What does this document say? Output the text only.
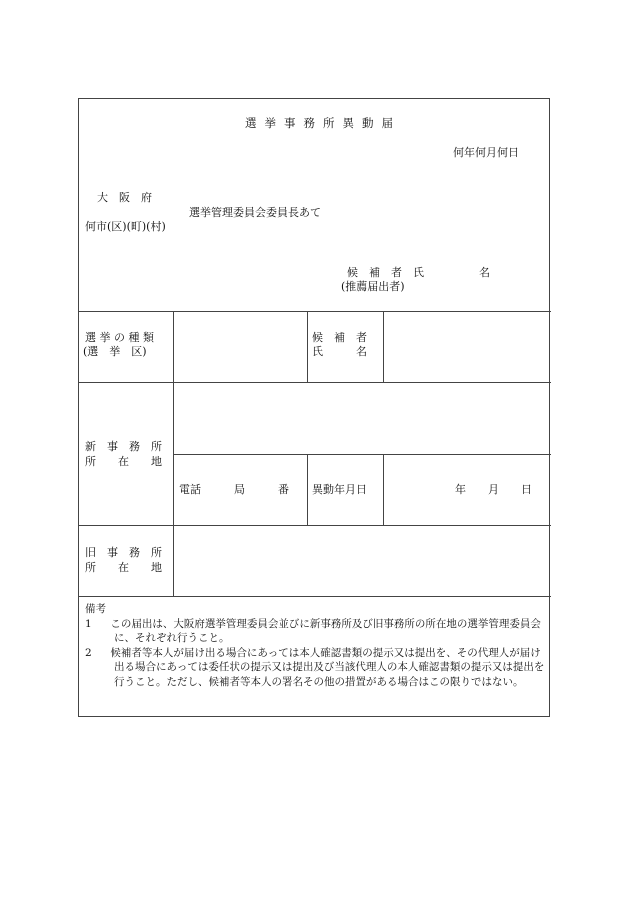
選挙事務所異動届
何年何月何日
大　阪　府
選挙管理委員会委員長あて
何市(区)(町)(村)
候　補　者　氏　　　　　名
(推薦届出者)
選挙の種類
(選　挙　区)
候　補　者
氏　　　名
新　事　務　所
所　　在　　地
電話　　　局　　　番 異動年月日	年　　月　　日
旧　事　務　所
所　　在　　地
備考
1 この届出は、大阪府選挙管理委員会並びに新事務所及び旧事務所の所在地の選挙管理委員会に、それぞれ行うこと。
2 候補者等本人が届け出る場合にあっては本人確認書類の提示又は提出を、その代理人が届け出る場合にあっては委任状の提示又は提出及び当該代理人の本人確認書類の提示又は提出を行うこと。ただし、候補者等本人の署名その他の措置がある場合はこの限りではない。
